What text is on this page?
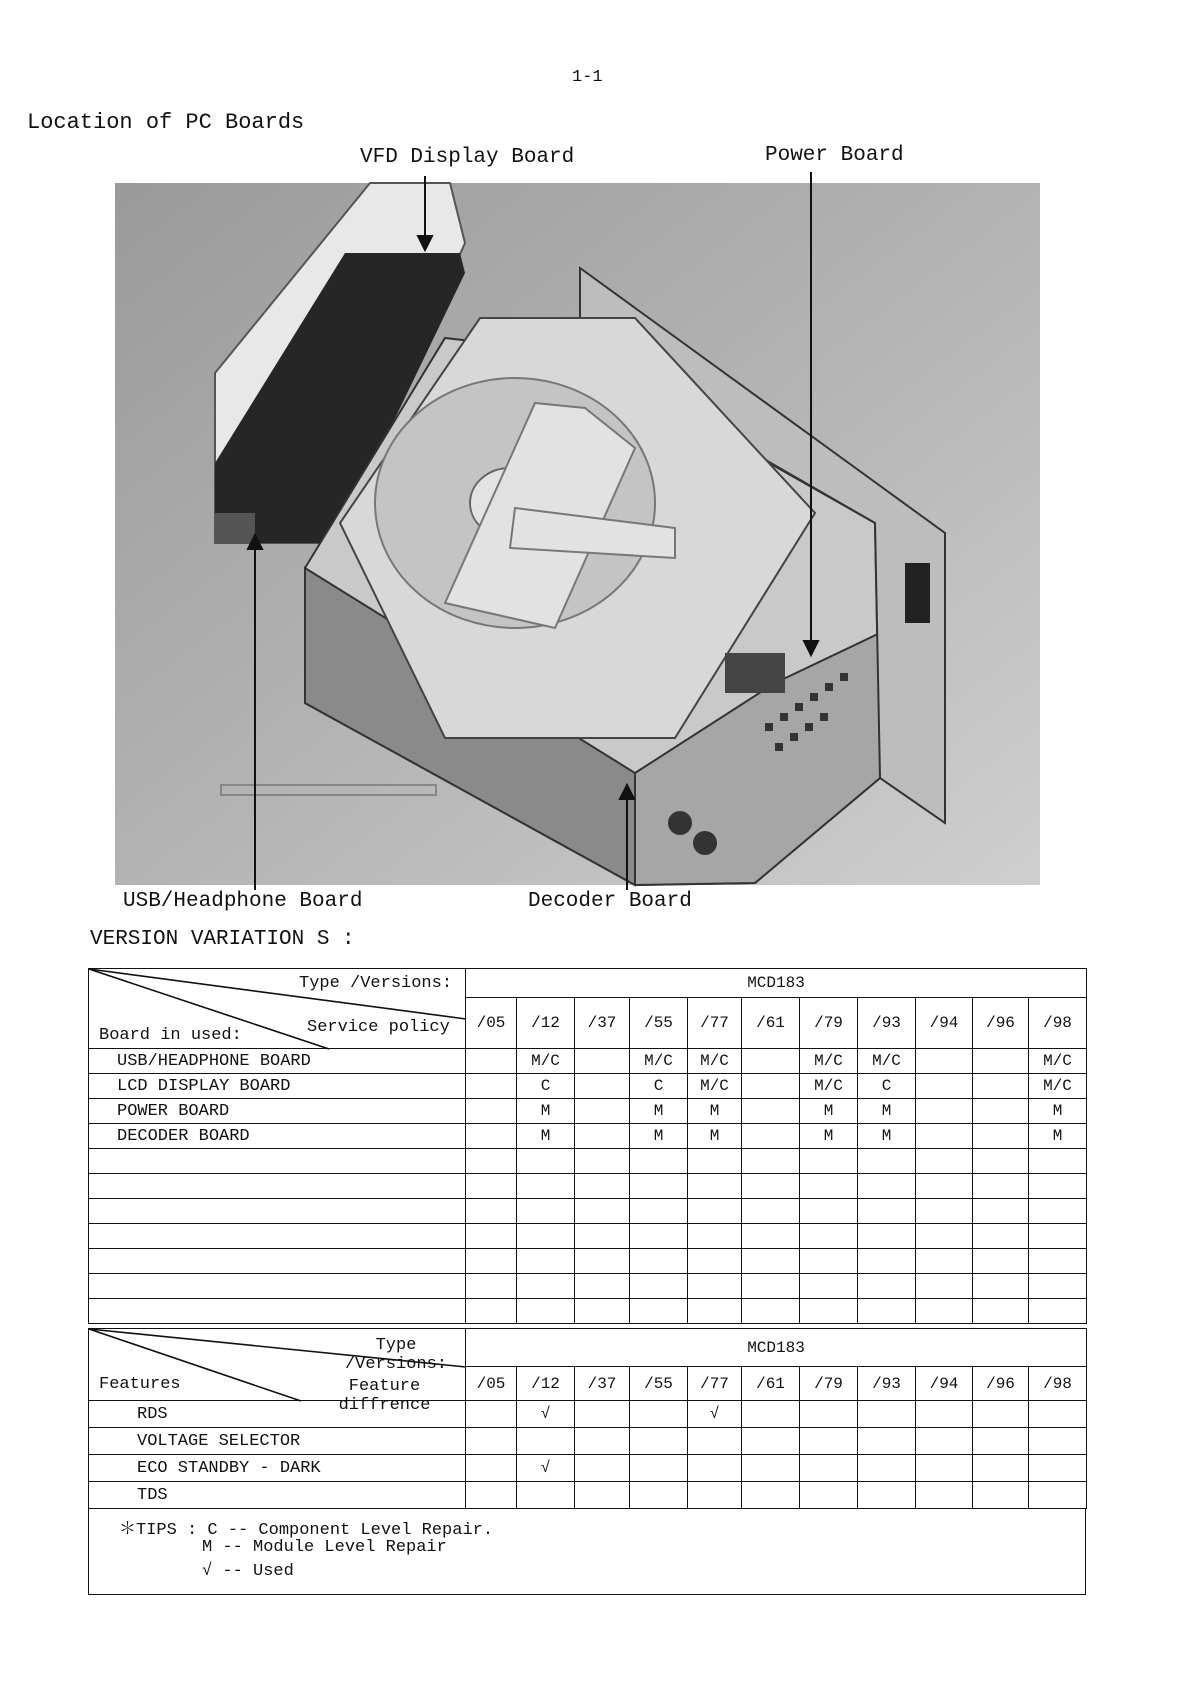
1-1
Location of PC Boards
VFD Display Board	Power Board
USB/Headphone Board	Decoder Board
VERSION VARIATION S :
Type /Versions:
Service policy
Board in used:	MCD183										
	/05	/12	/37	/55	/77	/61	/79	/93	/94	/96	/98
USB/HEADPHONE BOARD		M/C		M/C	M/C		M/C	M/C			M/C
LCD DISPLAY BOARD		C		C	M/C		M/C	C			M/C
POWER BOARD		M		M	M		M	M			M
DECODER BOARD		M		M	M		M	M			M

Type /Versions:
Feature diffrence
Features	MCD183										
	/05	/12	/37	/55	/77	/61	/79	/93	/94	/96	/98
RDS		√			√						
VOLTAGE SELECTOR											
ECO STANDBY - DARK		√									
TDS											
＊TIPS : C -- Component Level Repair.
M -- Module Level Repair
√ -- Used
